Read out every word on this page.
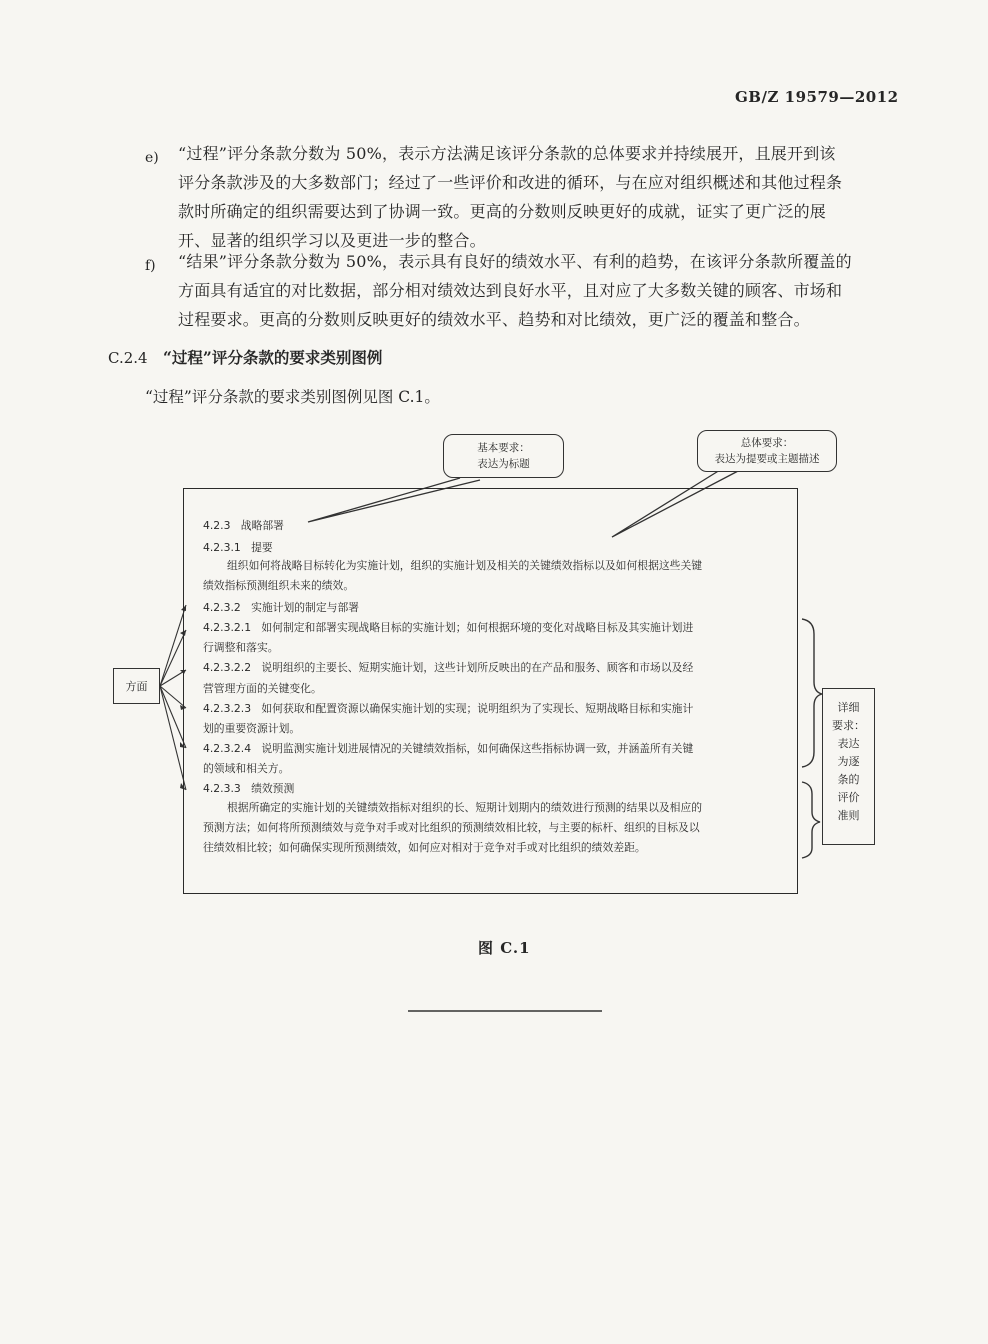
GB/Z 19579—2012
e) “过程”评分条款分数为 50%，表示方法满足该评分条款的总体要求并持续展开，且展开到该
评分条款涉及的大多数部门；经过了一些评价和改进的循环，与在应对组织概述和其他过程条
款时所确定的组织需要达到了协调一致。更高的分数则反映更好的成就，证实了更广泛的展
开、显著的组织学习以及更进一步的整合。
f) “结果”评分条款分数为 50%，表示具有良好的绩效水平、有利的趋势，在该评分条款所覆盖的
方面具有适宜的对比数据，部分相对绩效达到良好水平，且对应了大多数关键的顾客、市场和
过程要求。更高的分数则反映更好的绩效水平、趋势和对比绩效，更广泛的覆盖和整合。
C.2.4 “过程”评分条款的要求类别图例
“过程”评分条款的要求类别图例见图 C.1。
基本要求：
表达为标题
总体要求：
表达为提要或主题描述
方面
详细
要求：
表达
为逐
条的
评价
准则
4.2.3 战略部署
4.2.3.1 提要
组织如何将战略目标转化为实施计划，组织的实施计划及相关的关键绩效指标以及如何根据这些关键
绩效指标预测组织未来的绩效。
4.2.3.2 实施计划的制定与部署
4.2.3.2.1 如何制定和部署实现战略目标的实施计划；如何根据环境的变化对战略目标及其实施计划进
行调整和落实。
4.2.3.2.2 说明组织的主要长、短期实施计划，这些计划所反映出的在产品和服务、顾客和市场以及经
营管理方面的关键变化。
4.2.3.2.3 如何获取和配置资源以确保实施计划的实现；说明组织为了实现长、短期战略目标和实施计
划的重要资源计划。
4.2.3.2.4 说明监测实施计划进展情况的关键绩效指标，如何确保这些指标协调一致，并涵盖所有关键
的领域和相关方。
4.2.3.3 绩效预测
根据所确定的实施计划的关键绩效指标对组织的长、短期计划期内的绩效进行预测的结果以及相应的
预测方法；如何将所预测绩效与竞争对手或对比组织的预测绩效相比较，与主要的标杆、组织的目标及以
往绩效相比较；如何确保实现所预测绩效，如何应对相对于竞争对手或对比组织的绩效差距。
图 C.1
